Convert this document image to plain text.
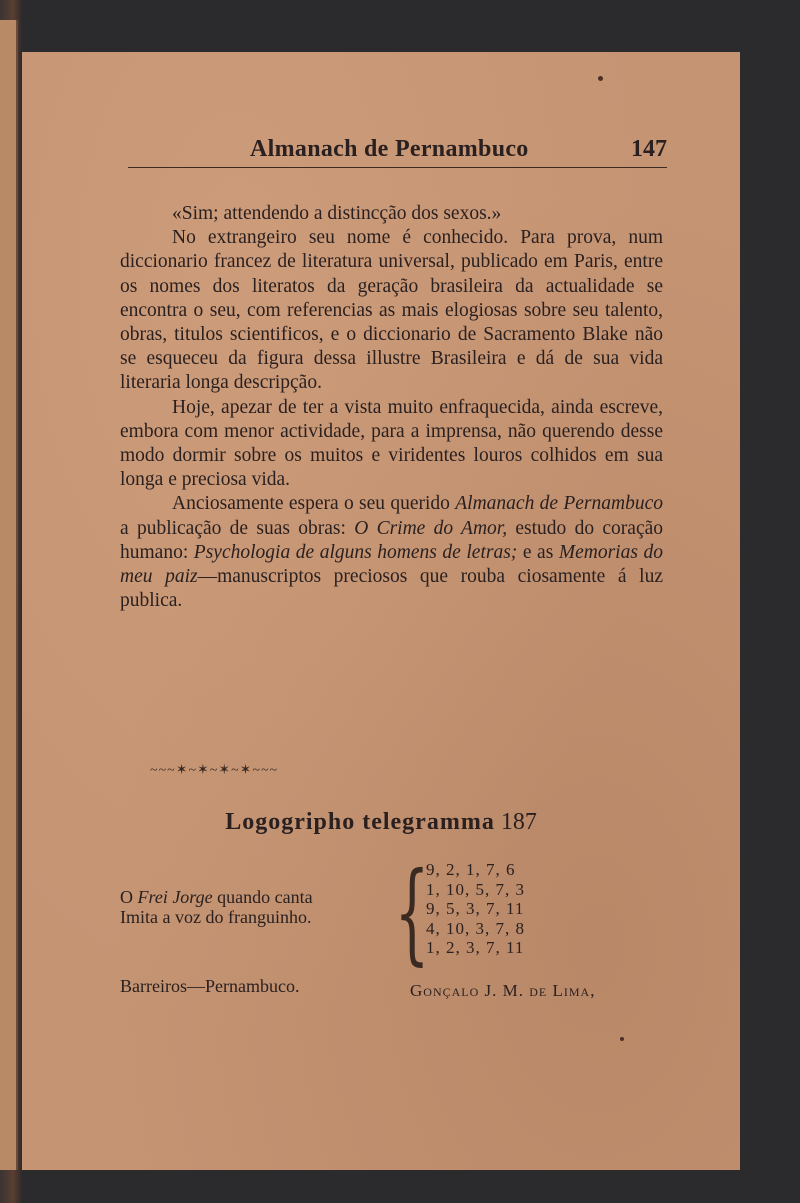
Almanach de Pernambuco	147

«Sim; attendendo a distincção dos sexos.»

No extrangeiro seu nome é conhecido. Para prova, num diccionario francez de literatura universal, publicado em Paris, entre os nomes dos literatos da geração brasileira da actualidade se encontra o seu, com referencias as mais elogiosas sobre seu talento, obras, titulos scientificos, e o diccionario de Sacramento Blake não se esqueceu da figura dessa illustre Brasileira e dá de sua vida literaria longa descripção.

Hoje, apezar de ter a vista muito enfraquecida, ainda escreve, embora com menor actividade, para a imprensa, não querendo desse modo dormir sobre os muitos e viridentes louros colhidos em sua longa e preciosa vida.

Anciosamente espera o seu querido Almanach de Pernambuco a publicação de suas obras: O Crime do Amor, estudo do coração humano: Psychologia de alguns homens de letras; e as Memorias do meu paiz—manuscriptos preciosos que rouba ciosamente á luz publica.

~~~✶~✶~✶~✶~~~
Logogripho telegramma 187
O Frei Jorge quando canta
Imita a voz do franguinho. {
9, 2, 1, 7, 6
1, 10, 5, 7, 3
9, 5, 3, 7, 11
4, 10, 3, 7, 8
1, 2, 3, 7, 11
Barreiros—Pernambuco.	Gonçalo J. M. de Lima,
